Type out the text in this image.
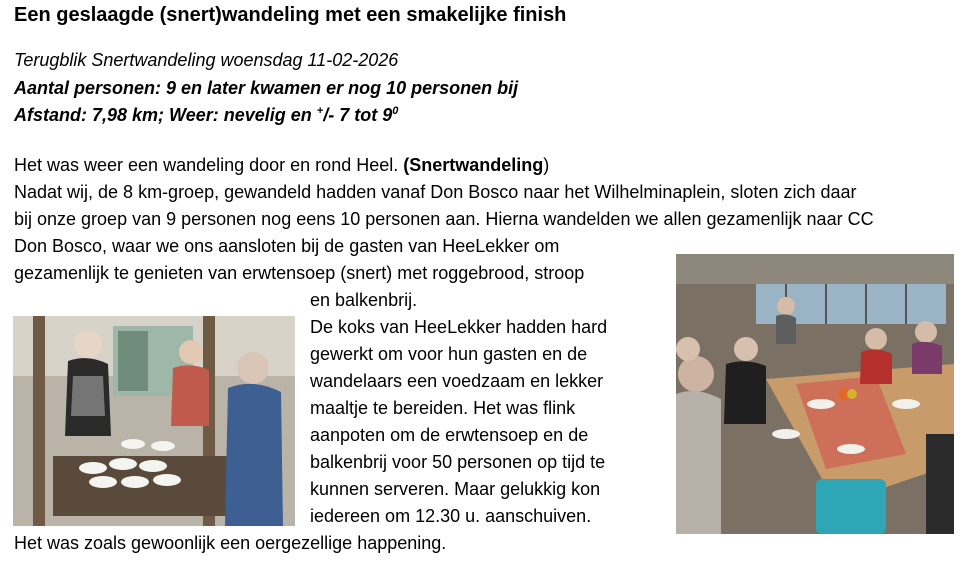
Een geslaagde (snert)wandeling met een smakelijke finish
Terugblik Snertwandeling woensdag 11-02-2026
Aantal personen: 9 en later kwamen er nog 10 personen bij
Afstand: 7,98 km; Weer: nevelig en +/- 7 tot $9^0$
Het was weer een wandeling door en rond Heel. (Snertwandeling)
Nadat wij, de 8 km-groep, gewandeld hadden vanaf Don Bosco naar het Wilhelminaplein, sloten zich daar
bij onze groep van 9 personen nog eens 10 personen aan. Hierna wandelden we allen gezamenlijk naar CC
Don Bosco, waar we ons aansloten bij de gasten van HeeLekker om
gezamenlijk te genieten van erwtensoep (snert) met roggebrood, stroop
en balkenbrij.
De koks van HeeLekker hadden hard
gewerkt om voor hun gasten en de
wandelaars een voedzaam en lekker
maaltje te bereiden. Het was flink
aanpoten om de erwtensoep en de
balkenbrij voor 50 personen op tijd te
kunnen serveren. Maar gelukkig kon
iedereen om 12.30 u. aanschuiven.
Het was zoals gewoonlijk een oergezellige happening.
